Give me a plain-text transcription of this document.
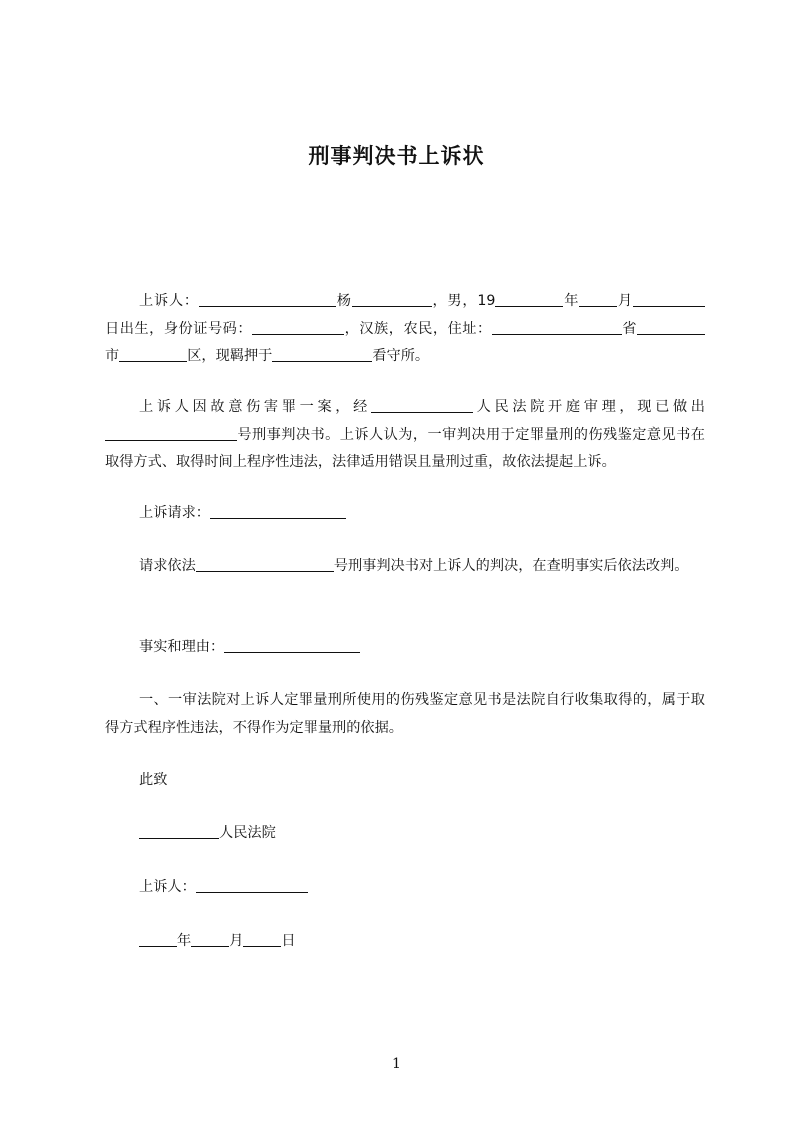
刑事判决书上诉状
上诉人：	杨	，男，19	年	月日出生，身份证号码：	，汉族，农民，住址：	省市	区，现羁押于	看守所。
上诉人因故意伤害罪一案，经	人民法院开庭审理，现已做出号刑事判决书。上诉人认为，一审判决用于定罪量刑的伤残鉴定意见书在取得方式、取得时间上程序性违法，法律适用错误且量刑过重，故依法提起上诉。
上诉请求：
请求依法	号刑事判决书对上诉人的判决，在查明事实后依法改判。
事实和理由：
一、一审法院对上诉人定罪量刑所使用的伤残鉴定意见书是法院自行收集取得的，属于取得方式程序性违法，不得作为定罪量刑的依据。
此致
人民法院
上诉人：
年	月	日
1
